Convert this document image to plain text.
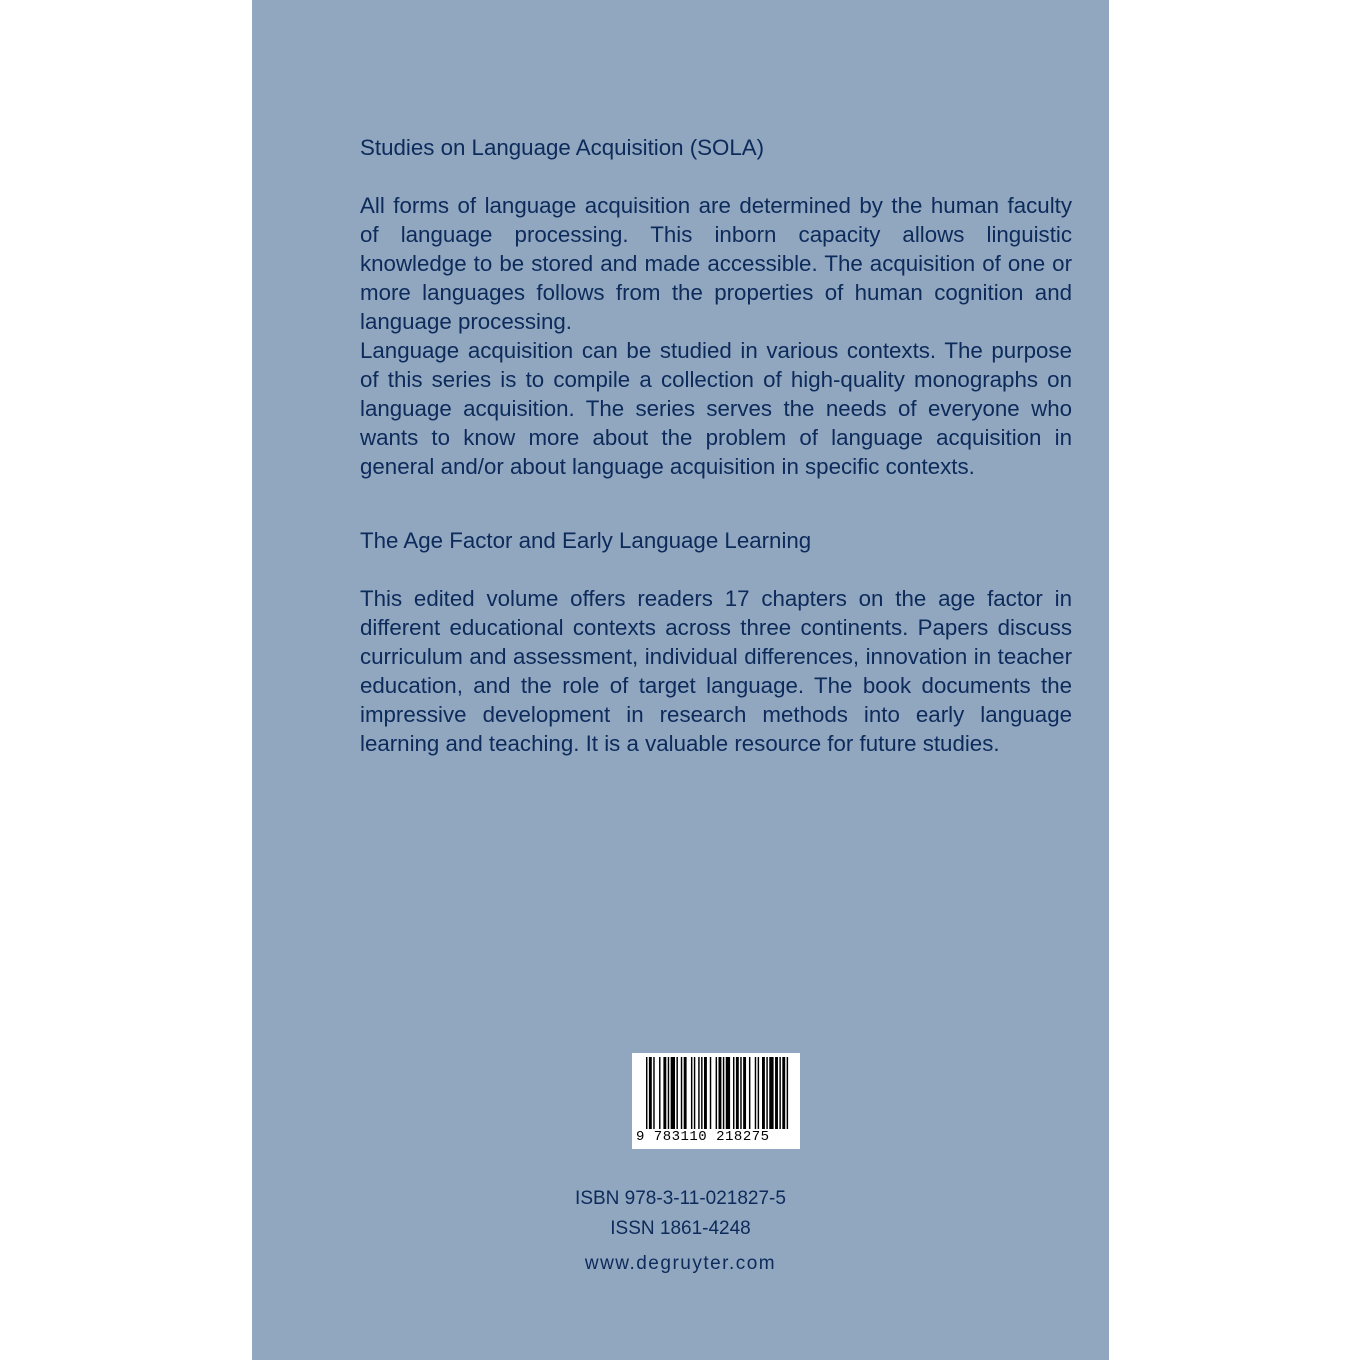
Studies on Language Acquisition (SOLA)

All forms of language acquisition are determined by the human faculty of language processing. This inborn capacity allows linguistic knowledge to be stored and made accessible. The acquisition of one or more languages follows from the properties of human cognition and language processing.

Language acquisition can be studied in various contexts. The purpose of this series is to compile a collection of high-quality monographs on language acquisition. The series serves the needs of everyone who wants to know more about the problem of language acquisition in general and/or about language acquisition in specific contexts.

The Age Factor and Early Language Learning

This edited volume offers readers 17 chapters on the age factor in different educational contexts across three continents. Papers discuss curriculum and assessment, individual differences, innovation in teacher education, and the role of target language. The book documents the impressive development in research methods into early language learning and teaching. It is a valuable resource for future studies.

9 783110 218275
ISBN 978-3-11-021827-5
ISSN 1861-4248
www.degruyter.com
